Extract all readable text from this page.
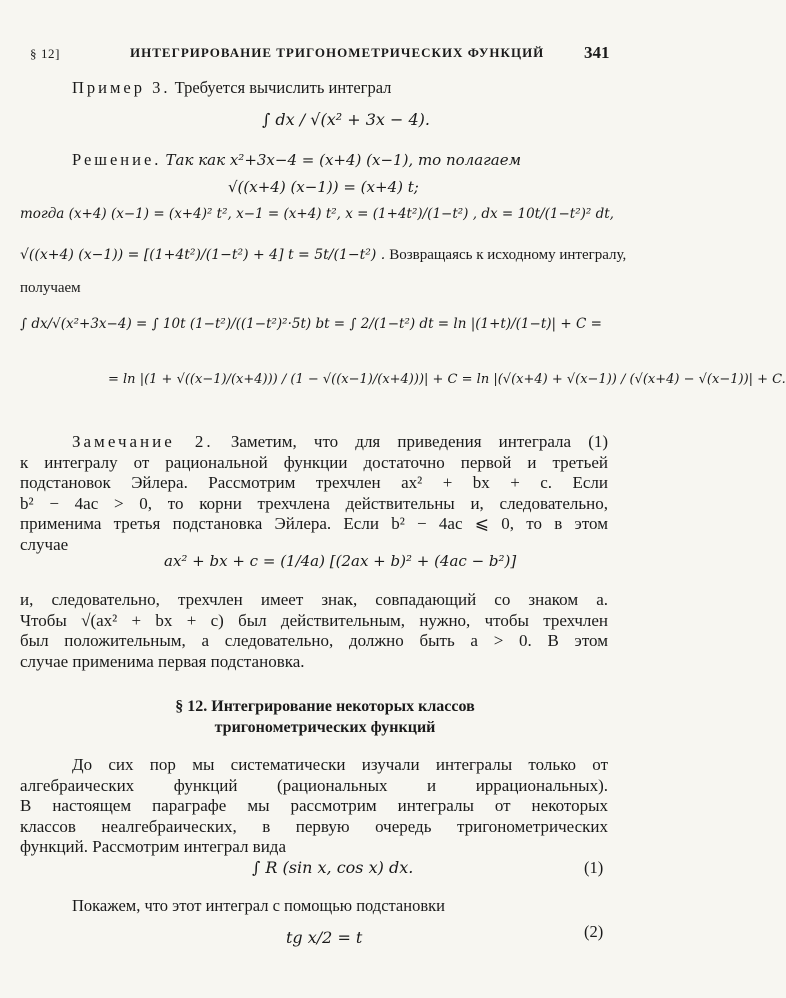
§ 12]	ИНТЕГРИРОВАНИЕ ТРИГОНОМЕТРИЧЕСКИХ ФУНКЦИЙ 341
Пример 3. Требуется вычислить интеграл
∫ dx / √(x² + 3x − 4).
Решение. Так как x²+3x−4 = (x+4) (x−1), то полагаем
√((x+4) (x−1)) = (x+4) t;
тогда (x+4) (x−1) = (x+4)² t², x−1 = (x+4) t², x = (1+4t²)/(1−t²) , dx = 10t/(1−t²)² dt,
√((x+4) (x−1)) = [(1+4t²)/(1−t²) + 4] t = 5t/(1−t²) . Возвращаясь к исходному интегралу,
получаем
∫ dx/√(x²+3x−4) = ∫ 10t (1−t²)/((1−t²)²·5t) bt = ∫ 2/(1−t²) dt = ln |(1+t)/(1−t)| + C =
= ln |(1 + √((x−1)/(x+4))) / (1 − √((x−1)/(x+4)))| + C = ln |(√(x+4) + √(x−1)) / (√(x+4) − √(x−1))| + C.
Замечание 2. Заметим, что для приведения интеграла (1)
к интегралу от рациональной функции достаточно первой и третьей
подстановок Эйлера. Рассмотрим трехчлен ax² + bx + c. Если
b² − 4ac > 0, то корни трехчлена действительны и, следовательно,
применима третья подстановка Эйлера. Если b² − 4ac ⩽ 0, то в этом
случае
ax² + bx + c = (1/4a) [(2ax + b)² + (4ac − b²)]
и, следовательно, трехчлен имеет знак, совпадающий со знаком a.
Чтобы √(ax² + bx + c) был действительным, нужно, чтобы трехчлен
был положительным, а следовательно, должно быть a > 0. В этом
случае применима первая подстановка.
§ 12. Интегрирование некоторых классов
тригонометрических функций
До сих пор мы систематически изучали интегралы только от
алгебраических функций (рациональных и иррациональных).
В настоящем параграфе мы рассмотрим интегралы от некоторых
классов неалгебраических, в первую очередь тригонометрических
функций. Рассмотрим интеграл вида
∫ R (sin x, cos x) dx.	(1)
Покажем, что этот интеграл с помощью подстановки
tg x/2 = t	(2)
